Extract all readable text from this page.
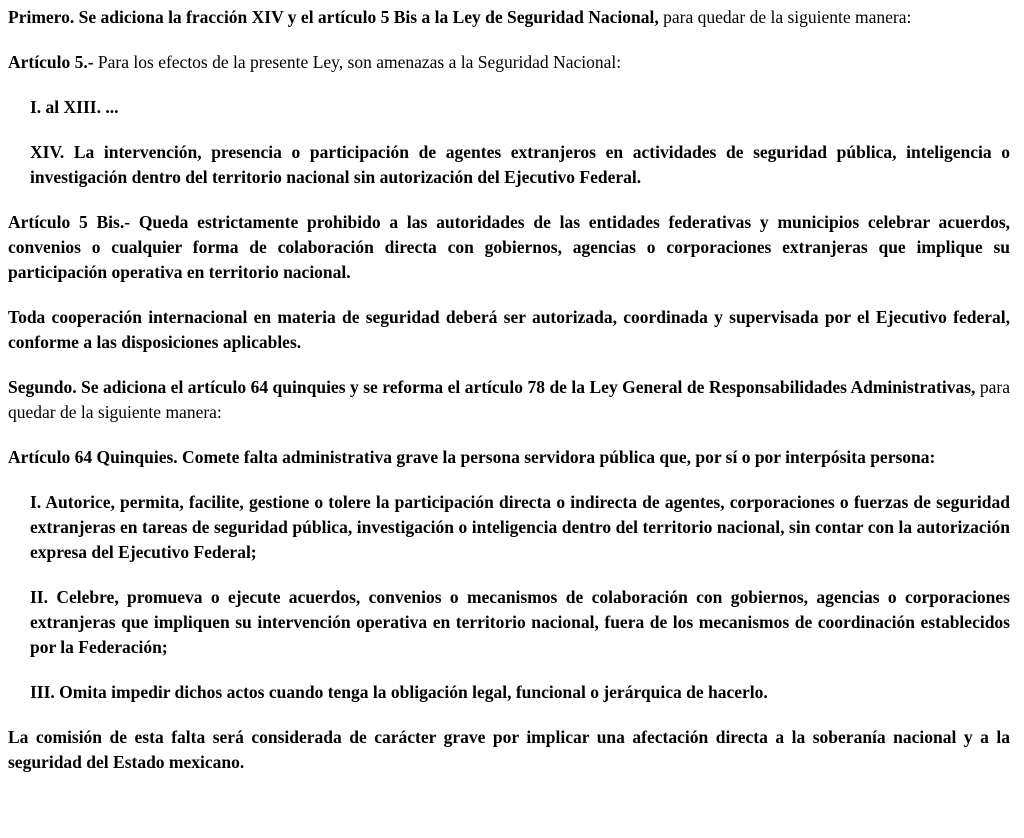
Primero. Se adiciona la fracción XIV y el artículo 5 Bis a la Ley de Seguridad Nacional, para quedar de la siguiente manera:

Artículo 5.- Para los efectos de la presente Ley, son amenazas a la Seguridad Nacional:

I. al XIII. ...

XIV. La intervención, presencia o participación de agentes extranjeros en actividades de seguridad pública, inteligencia o investigación dentro del territorio nacional sin autorización del Ejecutivo Federal.

Artículo 5 Bis.- Queda estrictamente prohibido a las autoridades de las entidades federativas y municipios celebrar acuerdos, convenios o cualquier forma de colaboración directa con gobiernos, agencias o corporaciones extranjeras que implique su participación operativa en territorio nacional.

Toda cooperación internacional en materia de seguridad deberá ser autorizada, coordinada y supervisada por el Ejecutivo federal, conforme a las disposiciones aplicables.

Segundo. Se adiciona el artículo 64 quinquies y se reforma el artículo 78 de la Ley General de Responsabilidades Administrativas, para quedar de la siguiente manera:

Artículo 64 Quinquies. Comete falta administrativa grave la persona servidora pública que, por sí o por interpósita persona:

I. Autorice, permita, facilite, gestione o tolere la participación directa o indirecta de agentes, corporaciones o fuerzas de seguridad extranjeras en tareas de seguridad pública, investigación o inteligencia dentro del territorio nacional, sin contar con la autorización expresa del Ejecutivo Federal;

II. Celebre, promueva o ejecute acuerdos, convenios o mecanismos de colaboración con gobiernos, agencias o corporaciones extranjeras que impliquen su intervención operativa en territorio nacional, fuera de los mecanismos de coordinación establecidos por la Federación;

III. Omita impedir dichos actos cuando tenga la obligación legal, funcional o jerárquica de hacerlo.

La comisión de esta falta será considerada de carácter grave por implicar una afectación directa a la soberanía nacional y a la seguridad del Estado mexicano.
